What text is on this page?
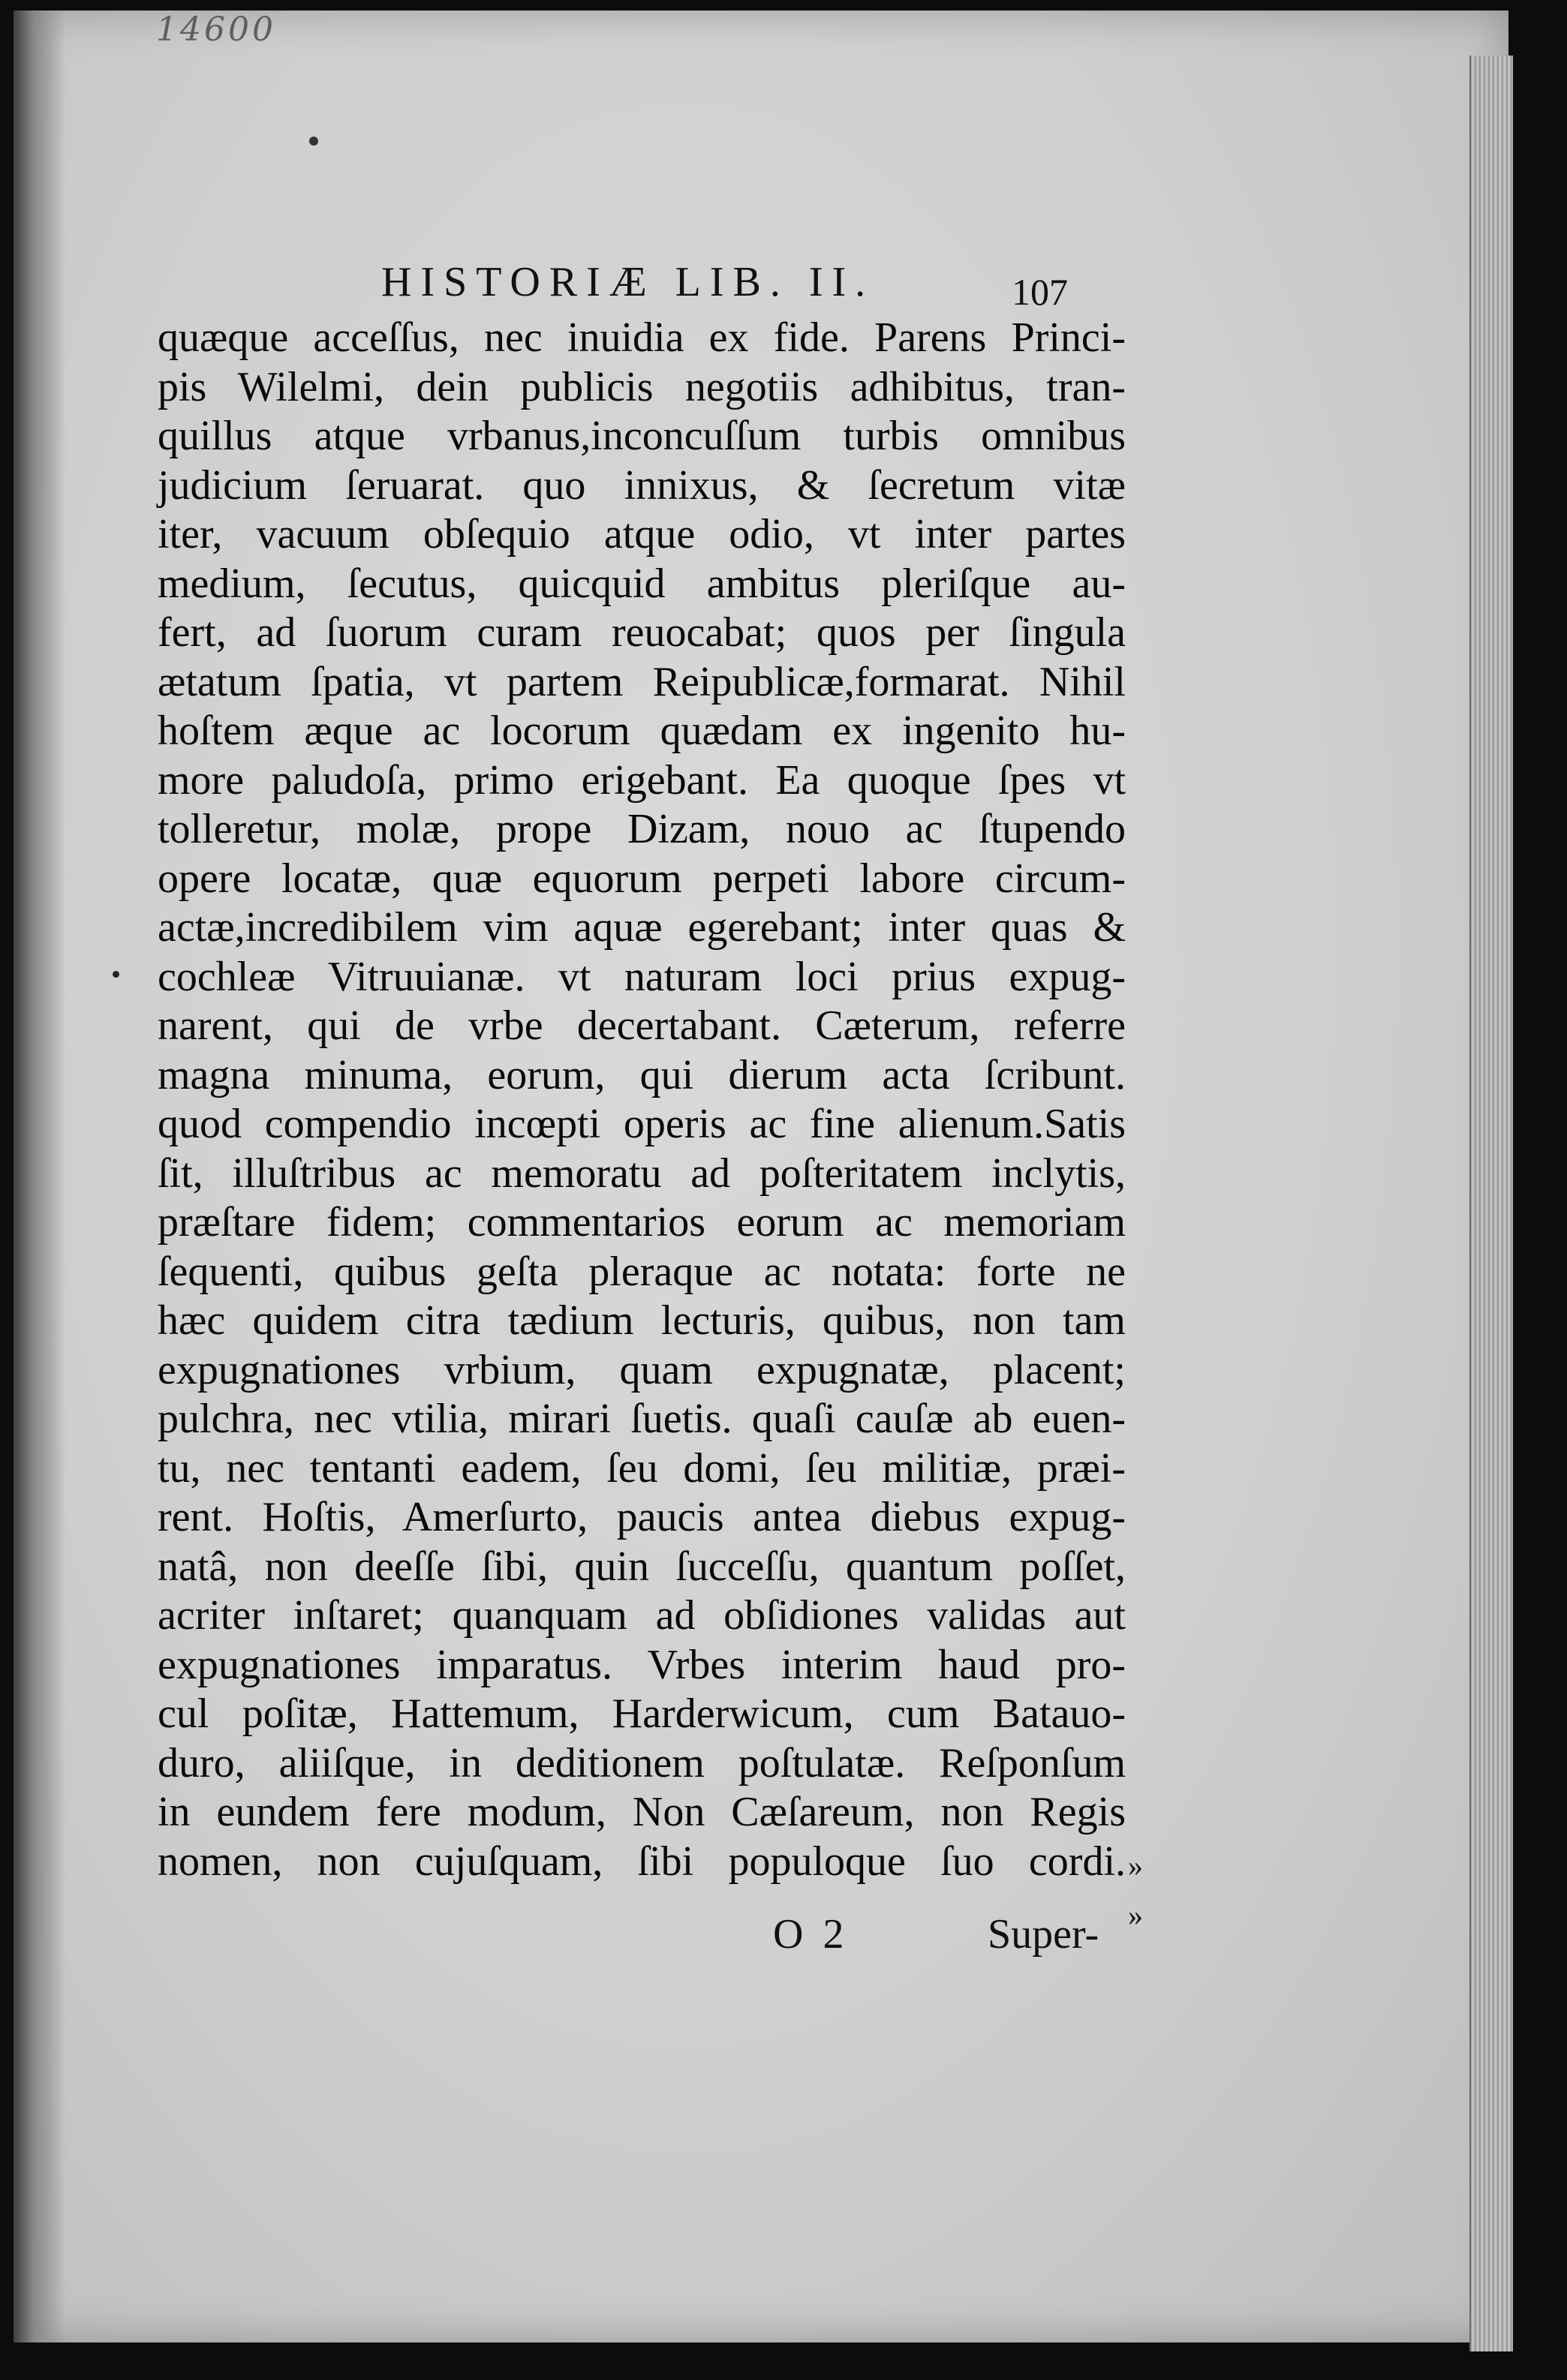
14600
HISTORIÆ LIB. II.	107
quæque acceſſus, nec inuidia ex fide. Parens Princi-
pis Wilelmi, dein publicis negotiis adhibitus, tran-
quillus atque vrbanus,inconcuſſum turbis omnibus
judicium ſeruarat. quo innixus, & ſecretum vitæ
iter, vacuum obſequio atque odio, vt inter partes
medium, ſecutus, quicquid ambitus pleriſque au-
fert, ad ſuorum curam reuocabat; quos per ſingula
ætatum ſpatia, vt partem Reipublicæ,formarat. Nihil
hoſtem æque ac locorum quædam ex ingenito hu-
more paludoſa, primo erigebant. Ea quoque ſpes vt
tolleretur, molæ, prope Dizam, nouo ac ſtupendo
opere locatæ, quæ equorum perpeti labore circum-
actæ,incredibilem vim aquæ egerebant; inter quas &
cochleæ Vitruuianæ. vt naturam loci prius expug-
narent, qui de vrbe decertabant. Cæterum, referre
magna minuma, eorum, qui dierum acta ſcribunt.
quod compendio incœpti operis ac fine alienum.Satis
ſit, illuſtribus ac memoratu ad poſteritatem inclytis,
præſtare fidem; commentarios eorum ac memoriam
ſequenti, quibus geſta pleraque ac notata: forte ne
hæc quidem citra tædium lecturis, quibus, non tam
expugnationes vrbium, quam expugnatæ, placent;
pulchra, nec vtilia, mirari ſuetis. quaſi cauſæ ab euen-
tu, nec tentanti eadem, ſeu domi, ſeu militiæ, præi-
rent. Hoſtis, Amerſurto, paucis antea diebus expug-
natâ, non deeſſe ſibi, quin ſucceſſu, quantum poſſet,
acriter inſtaret; quanquam ad obſidiones validas aut
expugnationes imparatus. Vrbes interim haud pro-
cul poſitæ, Hattemum, Harderwicum, cum Batauo-
duro, aliiſque, in deditionem poſtulatæ. Reſponſum
in eundem fere modum, Non Cæſareum, non Regis
nomen, non cujuſquam, ſibi populoque ſuo cordi. »
»
O 2	Super-
